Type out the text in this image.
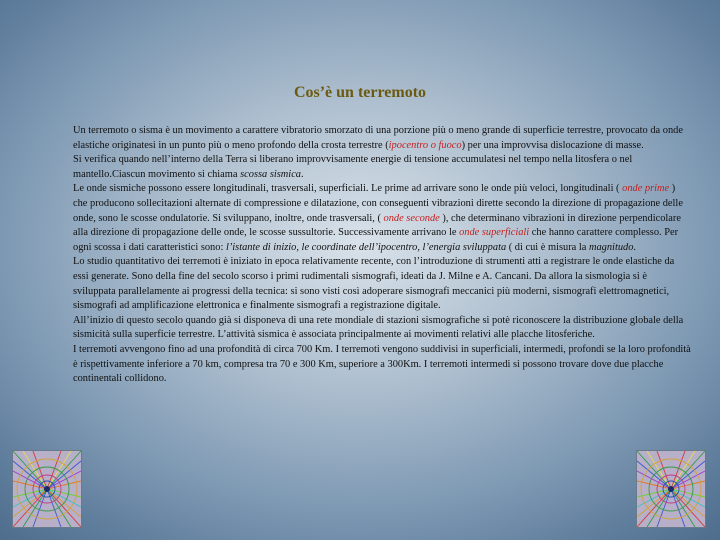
Cos’è un terremoto

Un terremoto o sisma è un movimento a carattere vibratorio smorzato di una porzione più o meno grande di superficie terrestre, provocato da onde elastiche originatesi in un punto più o meno profondo della crosta terrestre (ipocentro o fuoco) per una improvvisa dislocazione di masse.

Si verifica quando nell’interno della Terra si liberano improvvisamente energie di tensione accumulatesi nel tempo nella litosfera o nel mantello.Ciascun movimento si chiama scossa sismica.

Le onde sismiche possono essere longitudinali, trasversali, superficiali. Le prime ad arrivare sono le onde più veloci, longitudinali ( onde prime ) che producono sollecitazioni alternate di compressione e dilatazione, con conseguenti vibrazioni dirette secondo la direzione di propagazione delle onde, sono le scosse ondulatorie. Si sviluppano, inoltre, onde trasversali, ( onde seconde ), che determinano vibrazioni in direzione perpendicolare alla direzione di propagazione delle onde, le scosse sussultorie. Successivamente arrivano le onde superficiali che hanno carattere complesso. Per ogni scossa i dati caratteristici sono: l’istante di inizio, le coordinate dell’ipocentro, l’energia sviluppata ( di cui è misura la magnitudo.

Lo studio quantitativo dei terremoti è iniziato in epoca relativamente recente, con l’introduzione di strumenti atti a registrare le onde elastiche da essi generate. Sono della fine del secolo scorso i primi rudimentali sismografi, ideati da J. Milne e A. Cancani. Da allora la sismologia si è sviluppata parallelamente ai progressi della tecnica: si sono visti così adoperare sismografi meccanici più moderni, sismografi elettromagnetici, sismografi ad amplificazione elettronica e finalmente sismografi a registrazione digitale.

All’inizio di questo secolo quando già si disponeva di una rete mondiale di stazioni sismografiche si potè riconoscere la distribuzione globale della sismicità sulla superficie terrestre. L’attività sismica è associata principalmente ai movimenti relativi alle placche litosferiche.

I terremoti avvengono fino ad una profondità di circa 700 Km. I terremoti vengono suddivisi in superficiali, intermedi, profondi se la loro profondità è rispettivamente inferiore a 70 km, compresa tra 70 e 300 Km, superiore a 300Km. I terremoti intermedi si possono trovare dove due placche continentali collidono.
